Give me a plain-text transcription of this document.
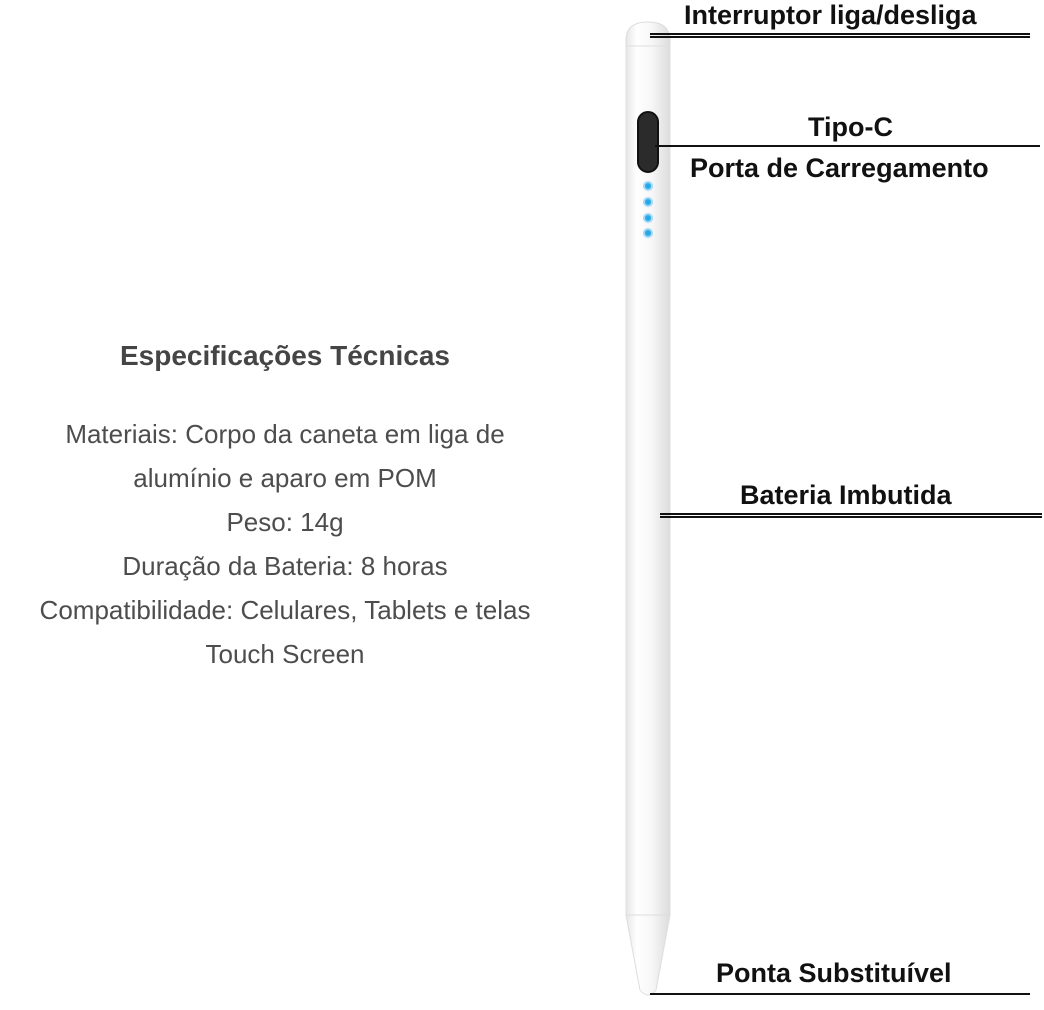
Especificações Técnicas
Materiais: Corpo da caneta em liga de
alumínio e aparo em POM
Peso: 14g
Duração da Bateria: 8 horas
Compatibilidade: Celulares, Tablets e telas
Touch Screen
Interruptor liga/desliga
Tipo-C
Porta de Carregamento
Bateria Imbutida
Ponta Substituível
